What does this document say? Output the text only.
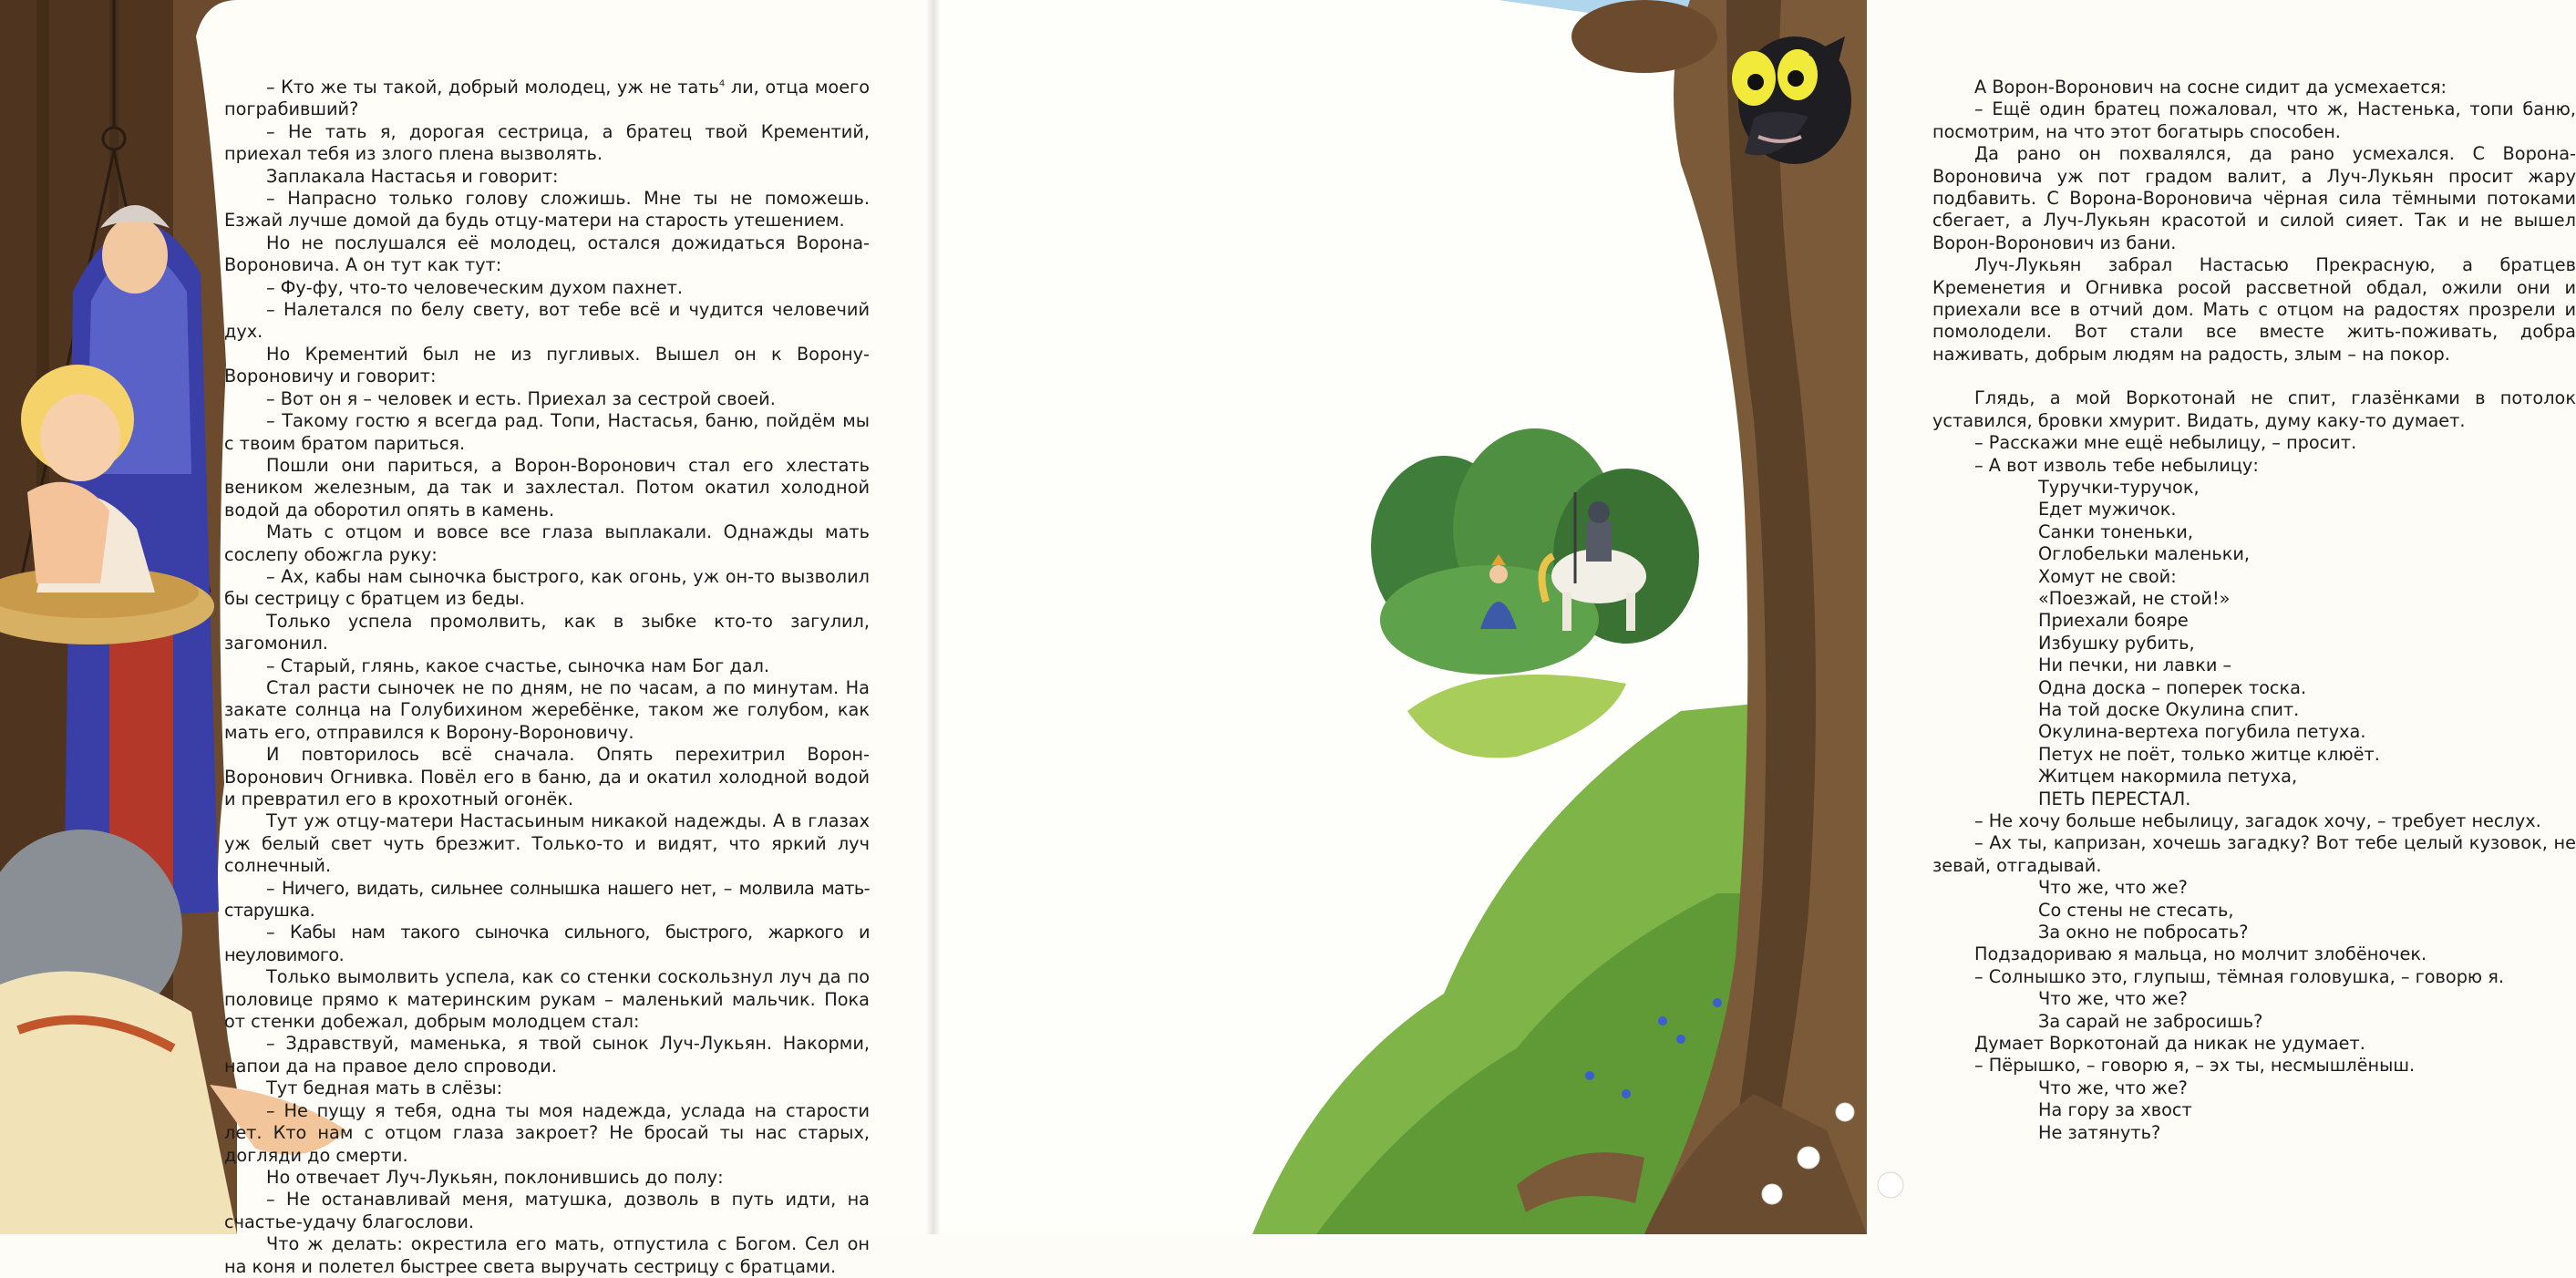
– Кто же ты такой, добрый молодец, уж не тать$^4$ ли, отца моего пограбивший?

– Не тать я, дорогая сестрица, а братец твой Крементий, приехал тебя из злого плена вызволять.

Заплакала Настасья и говорит:

– Напрасно только голову сложишь. Мне ты не поможешь. Езжай лучше домой да будь отцу-матери на старость утешением.

Но не послушался её молодец, остался дожидаться Ворона-Вороновича. А он тут как тут:

– Фу-фу, что-то человеческим духом пахнет.

– Налетался по белу свету, вот тебе всё и чудится человечий дух.

Но Крементий был не из пугливых. Вышел он к Ворону-Вороновичу и говорит:

– Вот он я – человек и есть. Приехал за сестрой своей.

– Такому гостю я всегда рад. Топи, Настасья, баню, пойдём мы с твоим братом париться.

Пошли они париться, а Ворон-Воронович стал его хлестать веником железным, да так и захлестал. Потом окатил холодной водой да оборотил опять в камень.

Мать с отцом и вовсе все глаза выплакали. Однажды мать сослепу обожгла руку:

– Ах, кабы нам сыночка быстрого, как огонь, уж он-то вызволил бы сестрицу с братцем из беды.

Только успела промолвить, как в зыбке кто-то загулил, загомонил.

– Старый, глянь, какое счастье, сыночка нам Бог дал.

Стал расти сыночек не по дням, не по часам, а по минутам. На закате солнца на Голубихином жеребёнке, таком же голубом, как мать его, отправился к Ворону-Вороновичу.

И повторилось всё сначала. Опять перехитрил Ворон-Воронович Огнивка. Повёл его в баню, да и окатил холодной водой и превратил его в крохотный огонёк.

Тут уж отцу-матери Настасьиным никакой надежды. А в глазах уж белый свет чуть брезжит. Только-то и видят, что яркий луч солнечный.

– Ничего, видать, сильнее солнышка нашего нет, – молвила мать-старушка.

– Кабы нам такого сыночка сильного, быстрого, жаркого и неуловимого.

Только вымолвить успела, как со стенки соскользнул луч да по половице прямо к материнским рукам – маленький мальчик. Пока от стенки добежал, добрым молодцем стал:

– Здравствуй, маменька, я твой сынок Луч-Лукьян. Накорми, напои да на правое дело спроводи.

Тут бедная мать в слёзы:

– Не пущу я тебя, одна ты моя надежда, услада на старости лет. Кто нам с отцом глаза закроет? Не бросай ты нас старых, догляди до смерти.

Но отвечает Луч-Лукьян, поклонившись до полу:

– Не останавливай меня, матушка, дозволь в путь идти, на счастье-удачу благослови.

Что ж делать: окрестила его мать, отпустила с Богом. Сел он на коня и полетел быстрее света выручать сестрицу с братцами.

А Ворон-Воронович на сосне сидит да усмехается:

– Ещё один братец пожаловал, что ж, Настенька, топи баню, посмотрим, на что этот богатырь способен.

Да рано он похвалялся, да рано усмехался. С Ворона-Вороновича уж пот градом валит, а Луч-Лукьян просит жару подбавить. С Ворона-Вороновича чёрная сила тёмными потоками сбегает, а Луч-Лукьян красотой и силой сияет. Так и не вышел Ворон-Воронович из бани.

Луч-Лукьян забрал Настасью Прекрасную, а братцев Кременетия и Огнивка росой рассветной обдал, ожили они и приехали все в отчий дом. Мать с отцом на радостях прозрели и помолодели. Вот стали все вместе жить-поживать, добра наживать, добрым людям на радость, злым – на покор.

Глядь, а мой Воркотонай не спит, глазёнками в потолок уставился, бровки хмурит. Видать, думу каку-то думает.

– Расскажи мне ещё небылицу, – просит.

– А вот изволь тебе небылицу:

Туручки-туручок,

Едет мужичок.

Санки тоненьки,

Оглобельки маленьки,

Хомут не свой:

«Поезжай, не стой!»

Приехали бояре

Избушку рубить,

Ни печки, ни лавки –

Одна доска – поперек тоска.

На той доске Окулина спит.

Окулина-вертеха погубила петуха.

Петух не поёт, только житце клюёт.

Житцем накормила петуха,

ПЕТЬ ПЕРЕСТАЛ.

– Не хочу больше небылицу, загадок хочу, – требует неслух.

– Ах ты, капризан, хочешь загадку? Вот тебе целый кузовок, не зевай, отгадывай.

Что же, что же?

Со стены не стесать,

За окно не побросать?

Подзадориваю я мальца, но молчит злобёночек.

– Солнышко это, глупыш, тёмная головушка, – говорю я.

Что же, что же?

За сарай не забросишь?

Думает Воркотонай да никак не удумает.

– Пёрышко, – говорю я, – эх ты, несмышлёныш.

Что же, что же?

На гору за хвост

Не затянуть?
